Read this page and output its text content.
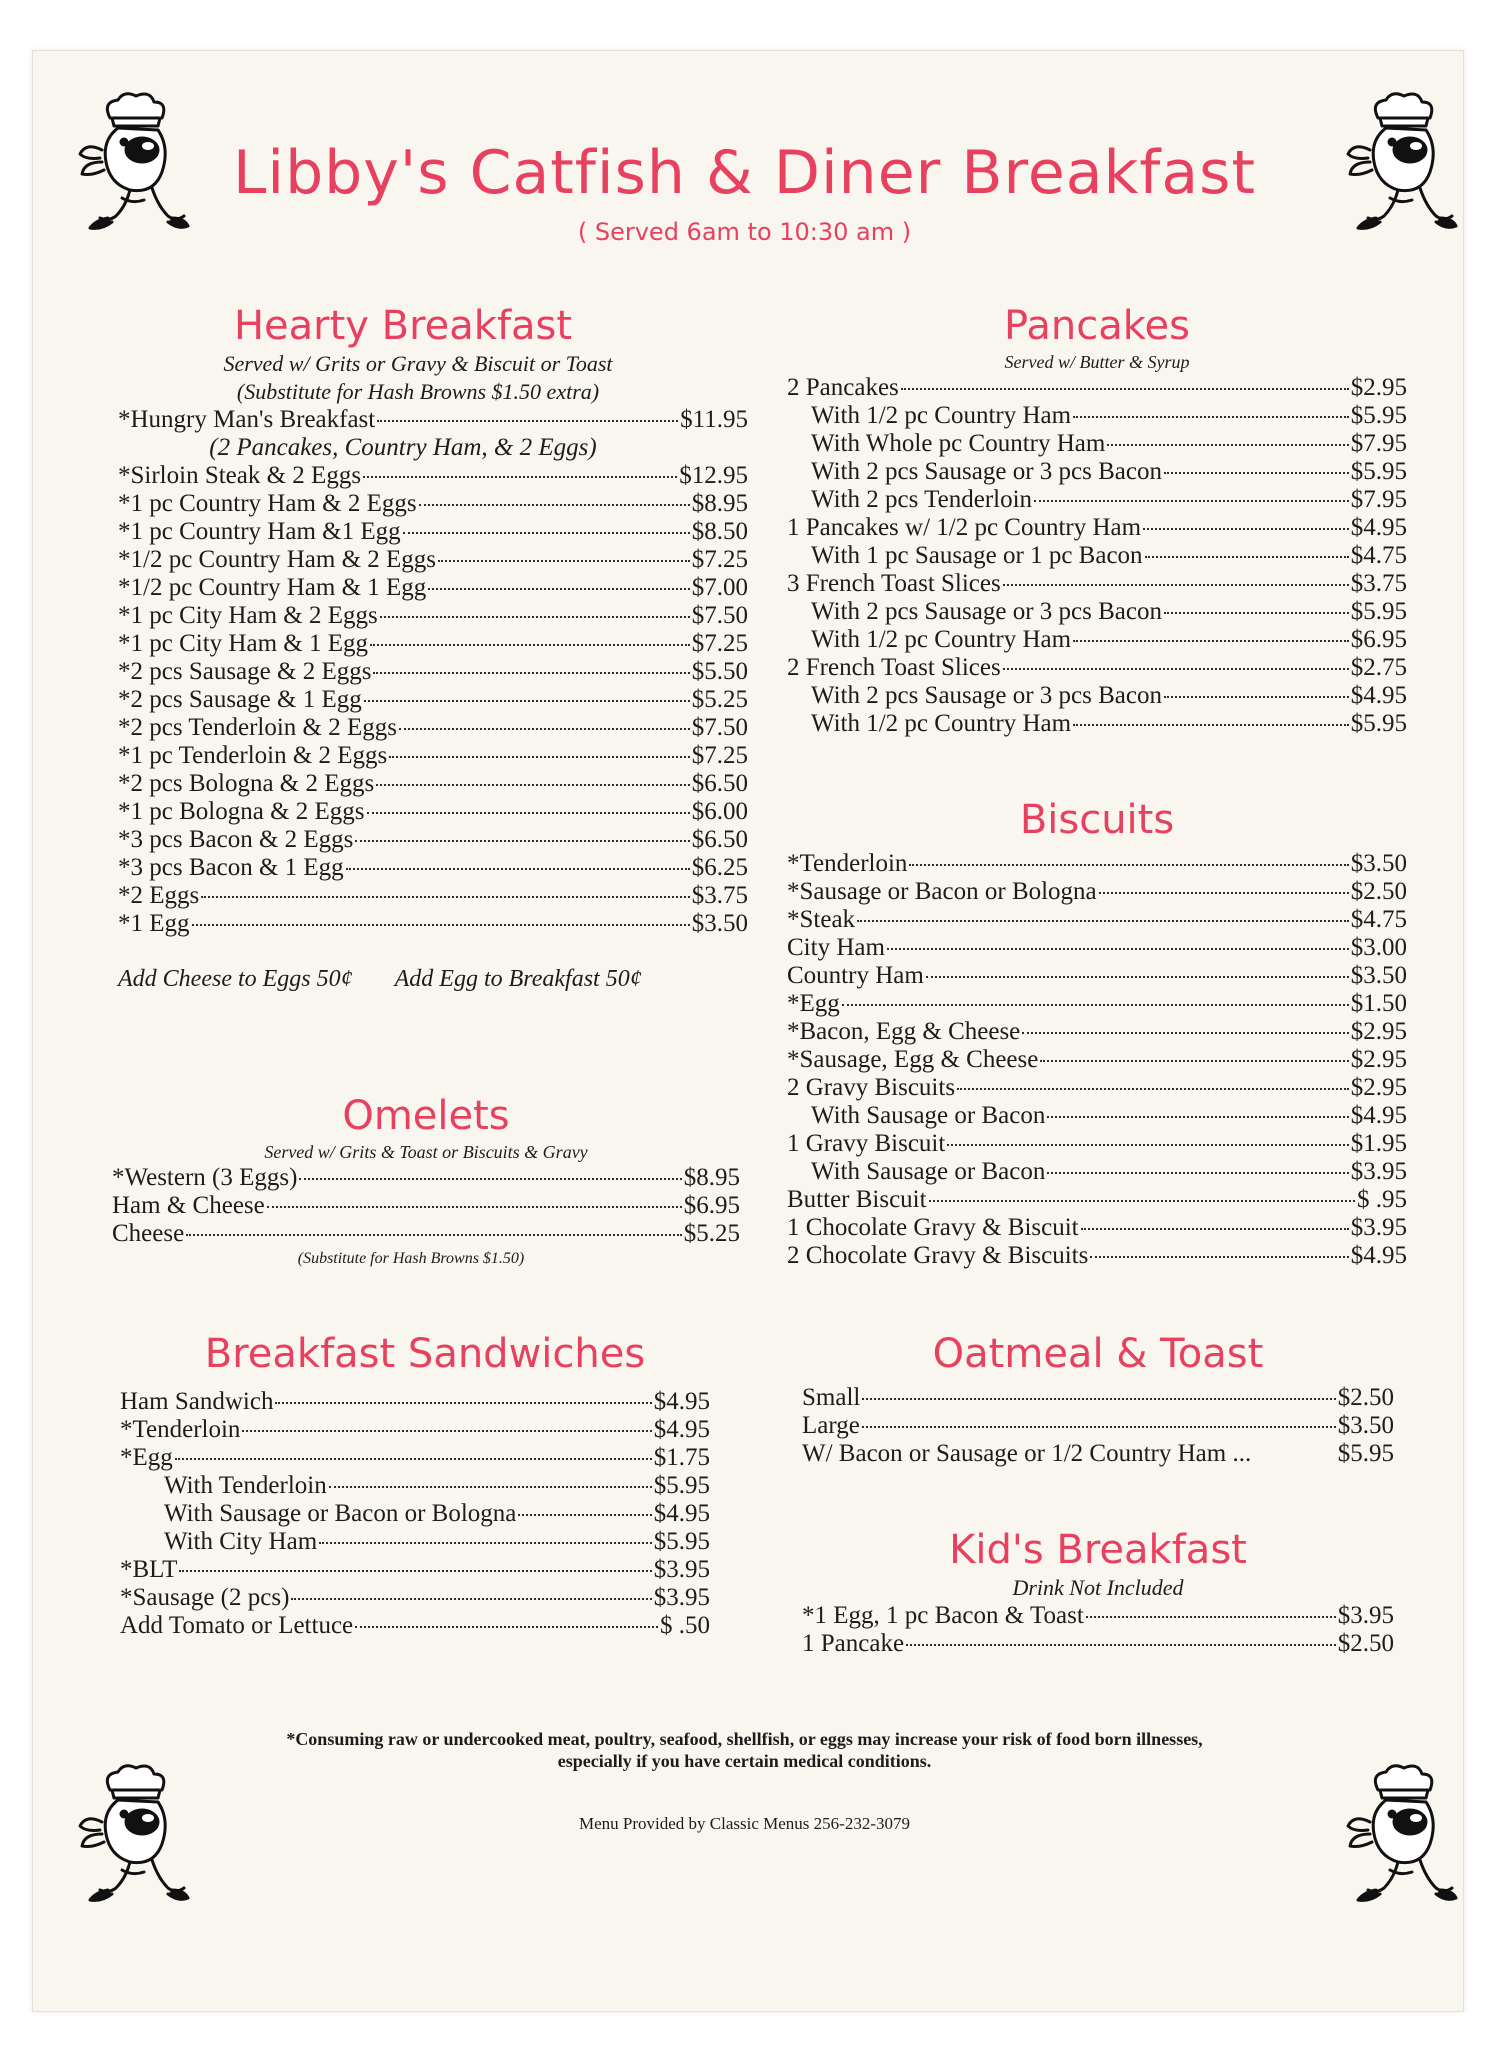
Libby's Catfish & Diner Breakfast
( Served 6am to 10:30 am )
Hearty Breakfast
Served w/ Grits or Gravy & Biscuit or Toast
(Substitute for Hash Browns $1.50 extra)
*Hungry Man's Breakfast	$11.95
(2 Pancakes, Country Ham, & 2 Eggs)
*Sirloin Steak & 2 Eggs	$12.95
*1 pc Country Ham & 2 Eggs	$8.95
*1 pc Country Ham &1 Egg	$8.50
*1/2 pc Country Ham & 2 Eggs	$7.25
*1/2 pc Country Ham & 1 Egg	$7.00
*1 pc City Ham & 2 Eggs	$7.50
*1 pc City Ham & 1 Egg	$7.25
*2 pcs Sausage & 2 Eggs	$5.50
*2 pcs Sausage & 1 Egg	$5.25
*2 pcs Tenderloin & 2 Eggs	$7.50
*1 pc Tenderloin & 2 Eggs	$7.25
*2 pcs Bologna & 2 Eggs	$6.50
*1 pc Bologna & 2 Eggs	$6.00
*3 pcs Bacon & 2 Eggs	$6.50
*3 pcs Bacon & 1 Egg	$6.25
*2 Eggs	$3.75
*1 Egg	$3.50
Add Cheese to Eggs 50¢ Add Egg to Breakfast 50¢
Omelets
Served w/ Grits & Toast or Biscuits & Gravy
*Western (3 Eggs)	$8.95
Ham & Cheese	$6.95
Cheese	$5.25
(Substitute for Hash Browns $1.50)
Breakfast Sandwiches
Ham Sandwich	$4.95
*Tenderloin	$4.95
*Egg	$1.75
With Tenderloin	$5.95
With Sausage or Bacon or Bologna	$4.95
With City Ham	$5.95
*BLT	$3.95
*Sausage (2 pcs)	$3.95
Add Tomato or Lettuce	$ .50
Pancakes
Served w/ Butter & Syrup
2 Pancakes	$2.95
With 1/2 pc Country Ham	$5.95
With Whole pc Country Ham	$7.95
With 2 pcs Sausage or 3 pcs Bacon	$5.95
With 2 pcs Tenderloin	$7.95
1 Pancakes w/ 1/2 pc Country Ham	$4.95
With 1 pc Sausage or 1 pc Bacon	$4.75
3 French Toast Slices	$3.75
With 2 pcs Sausage or 3 pcs Bacon	$5.95
With 1/2 pc Country Ham	$6.95
2 French Toast Slices	$2.75
With 2 pcs Sausage or 3 pcs Bacon	$4.95
With 1/2 pc Country Ham	$5.95
Biscuits
*Tenderloin	$3.50
*Sausage or Bacon or Bologna	$2.50
*Steak	$4.75
City Ham	$3.00
Country Ham	$3.50
*Egg	$1.50
*Bacon, Egg & Cheese	$2.95
*Sausage, Egg & Cheese	$2.95
2 Gravy Biscuits	$2.95
With Sausage or Bacon	$4.95
1 Gravy Biscuit	$1.95
With Sausage or Bacon	$3.95
Butter Biscuit	$ .95
1 Chocolate Gravy & Biscuit	$3.95
2 Chocolate Gravy & Biscuits	$4.95
Oatmeal & Toast
Small	$2.50
Large	$3.50
W/ Bacon or Sausage or 1/2 Country Ham ...	$5.95
Kid's Breakfast
Drink Not Included
*1 Egg, 1 pc Bacon & Toast	$3.95
1 Pancake	$2.50
*Consuming raw or undercooked meat, poultry, seafood, shellfish, or eggs may increase your risk of food born illnesses,
especially if you have certain medical conditions.
Menu Provided by Classic Menus 256-232-3079
